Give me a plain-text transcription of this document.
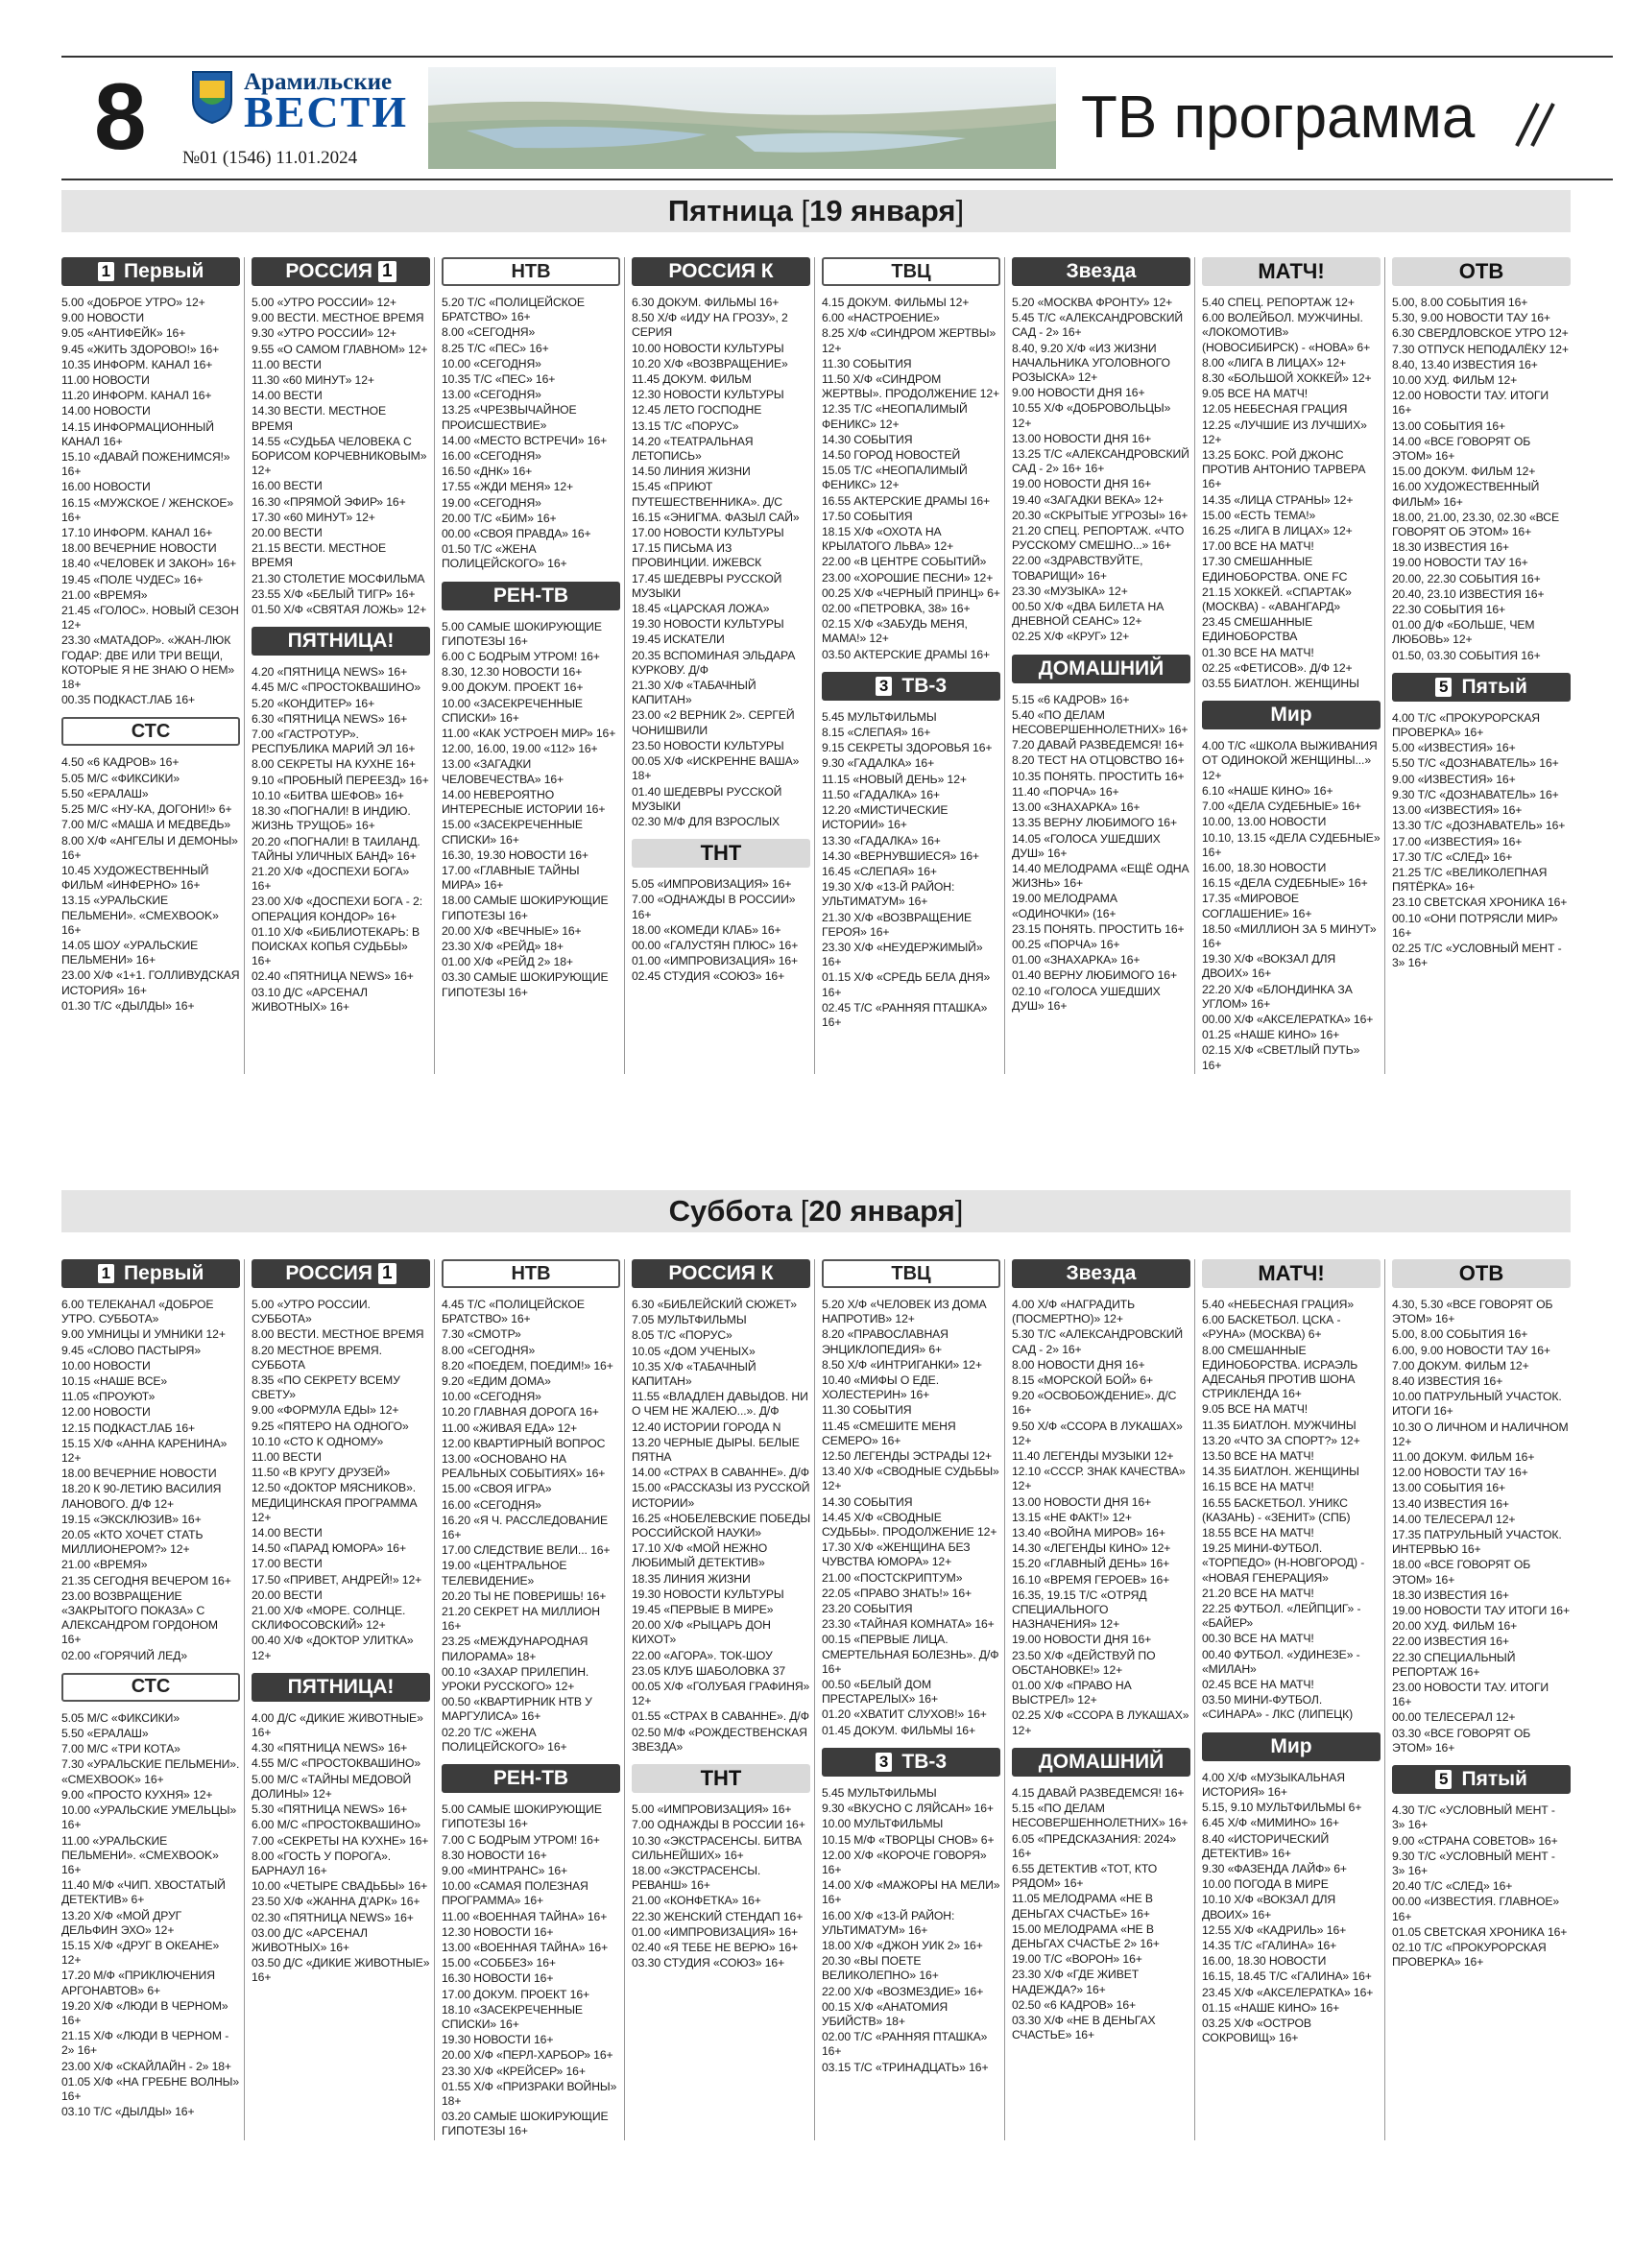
8	Арамильские
ВЕСТИ
№01 (1546) 11.01.2024
ТВ программа
Пятница [19 января]
1 Первый
5.00 «ДОБРОЕ УТРО» 12+
9.00 НОВОСТИ
9.05 «АНТИФЕЙК» 16+
9.45 «ЖИТЬ ЗДОРОВО!» 16+
10.35 ИНФОРМ. КАНАЛ 16+
11.00 НОВОСТИ
11.20 ИНФОРМ. КАНАЛ 16+
14.00 НОВОСТИ
14.15 ИНФОРМАЦИОННЫЙ КАНАЛ 16+
15.10 «ДАВАЙ ПОЖЕНИМСЯ!» 16+
16.00 НОВОСТИ
16.15 «МУЖСКОЕ / ЖЕНСКОЕ» 16+
17.10 ИНФОРМ. КАНАЛ 16+
18.00 ВЕЧЕРНИЕ НОВОСТИ
18.40 «ЧЕЛОВЕК И ЗАКОН» 16+
19.45 «ПОЛЕ ЧУДЕС» 16+
21.00 «ВРЕМЯ»
21.45 «ГОЛОС». НОВЫЙ СЕЗОН 12+
23.30 «МАТАДОР». «ЖАН-ЛЮК ГОДАР: ДВЕ ИЛИ ТРИ ВЕЩИ, КОТОРЫЕ Я НЕ ЗНАЮ О НЕМ» 18+
00.35 ПОДКАСТ.ЛАБ 16+
СТС
4.50 «6 КАДРОВ» 16+
5.05 М/С «ФИКСИКИ»
5.50 «ЕРАЛАШ»
5.25 М/С «НУ-КА, ДОГОНИ!» 6+
7.00 М/С «МАША И МЕДВЕДЬ»
8.00 Х/Ф «АНГЕЛЫ И ДЕМОНЫ» 16+
10.45 ХУДОЖЕСТВЕННЫЙ ФИЛЬМ «ИНФЕРНО» 16+
13.15 «УРАЛЬСКИЕ ПЕЛЬМЕНИ». «СМЕХBOOK» 16+
14.05 ШОУ «УРАЛЬСКИЕ ПЕЛЬМЕНИ» 16+
23.00 Х/Ф «1+1. ГОЛЛИВУДСКАЯ ИСТОРИЯ» 16+
01.30 Т/С «ДЫЛДЫ» 16+
РОССИЯ 1
5.00 «УТРО РОССИИ» 12+
9.00 ВЕСТИ. МЕСТНОЕ ВРЕМЯ
9.30 «УТРО РОССИИ» 12+
9.55 «О САМОМ ГЛАВНОМ» 12+
11.00 ВЕСТИ
11.30 «60 МИНУТ» 12+
14.00 ВЕСТИ
14.30 ВЕСТИ. МЕСТНОЕ ВРЕМЯ
14.55 «СУДЬБА ЧЕЛОВЕКА С БОРИСОМ КОРЧЕВНИКОВЫМ» 12+
16.00 ВЕСТИ
16.30 «ПРЯМОЙ ЭФИР» 16+
17.30 «60 МИНУТ» 12+
20.00 ВЕСТИ
21.15 ВЕСТИ. МЕСТНОЕ ВРЕМЯ
21.30 СТОЛЕТИЕ МОСФИЛЬМА
23.55 Х/Ф «БЕЛЫЙ ТИГР» 16+
01.50 Х/Ф «СВЯТАЯ ЛОЖЬ» 12+
ПЯТНИЦА!
4.20 «ПЯТНИЦА NEWS» 16+
4.45 М/С «ПРОСТОКВАШИНО»
5.20 «КОНДИТЕР» 16+
6.30 «ПЯТНИЦА NEWS» 16+
7.00 «ГАСТРОТУР». РЕСПУБЛИКА МАРИЙ ЭЛ 16+
8.00 СЕКРЕТЫ НА КУХНЕ 16+
9.10 «ПРОБНЫЙ ПЕРЕЕЗД» 16+
10.10 «БИТВА ШЕФОВ» 16+
18.30 «ПОГНАЛИ! В ИНДИЮ. ЖИЗНЬ ТРУЩОБ» 16+
20.20 «ПОГНАЛИ! В ТАИЛАНД. ТАЙНЫ УЛИЧНЫХ БАНД» 16+
21.20 Х/Ф «ДОСПЕХИ БОГА» 16+
23.00 Х/Ф «ДОСПЕХИ БОГА - 2: ОПЕРАЦИЯ КОНДОР» 16+
01.10 Х/Ф «БИБЛИОТЕКАРЬ: В ПОИСКАХ КОПЬЯ СУДЬБЫ» 16+
02.40 «ПЯТНИЦА NEWS» 16+
03.10 Д/С «АРСЕНАЛ ЖИВОТНЫХ» 16+
НТВ
5.20 Т/С «ПОЛИЦЕЙСКОЕ БРАТСТВО» 16+
8.00 «СЕГОДНЯ»
8.25 Т/С «ПЕС» 16+
10.00 «СЕГОДНЯ»
10.35 Т/С «ПЕС» 16+
13.00 «СЕГОДНЯ»
13.25 «ЧРЕЗВЫЧАЙНОЕ ПРОИСШЕСТВИЕ»
14.00 «МЕСТО ВСТРЕЧИ» 16+
16.00 «СЕГОДНЯ»
16.50 «ДНК» 16+
17.55 «ЖДИ МЕНЯ» 12+
19.00 «СЕГОДНЯ»
20.00 Т/С «БИМ» 16+
00.00 «СВОЯ ПРАВДА» 16+
01.50 Т/С «ЖЕНА ПОЛИЦЕЙСКОГО» 16+
РЕН-ТВ
5.00 САМЫЕ ШОКИРУЮЩИЕ ГИПОТЕЗЫ 16+
6.00 С БОДРЫМ УТРОМ! 16+
8.30, 12.30 НОВОСТИ 16+
9.00 ДОКУМ. ПРОЕКТ 16+
10.00 «ЗАСЕКРЕЧЕННЫЕ СПИСКИ» 16+
11.00 «КАК УСТРОЕН МИР» 16+
12.00, 16.00, 19.00 «112» 16+
13.00 «ЗАГАДКИ ЧЕЛОВЕЧЕСТВА» 16+
14.00 НЕВЕРОЯТНО ИНТЕРЕСНЫЕ ИСТОРИИ 16+
15.00 «ЗАСЕКРЕЧЕННЫЕ СПИСКИ» 16+
16.30, 19.30 НОВОСТИ 16+
17.00 «ГЛАВНЫЕ ТАЙНЫ МИРА» 16+
18.00 САМЫЕ ШОКИРУЮЩИЕ ГИПОТЕЗЫ 16+
20.00 Х/Ф «ВЕЧНЫЕ» 16+
23.30 Х/Ф «РЕЙД» 18+
01.00 Х/Ф «РЕЙД 2» 18+
03.30 САМЫЕ ШОКИРУЮЩИЕ ГИПОТЕЗЫ 16+
РОССИЯ К
6.30 ДОКУМ. ФИЛЬМЫ 16+
8.50 Х/Ф «ИДУ НА ГРОЗУ», 2 СЕРИЯ
10.00 НОВОСТИ КУЛЬТУРЫ
10.20 Х/Ф «ВОЗВРАЩЕНИЕ»
11.45 ДОКУМ. ФИЛЬМ
12.30 НОВОСТИ КУЛЬТУРЫ
12.45 ЛЕТО ГОСПОДНЕ
13.15 Т/С «ПОРУС»
14.20 «ТЕАТРАЛЬНАЯ ЛЕТОПИСЬ»
14.50 ЛИНИЯ ЖИЗНИ
15.45 «ПРИЮТ ПУТЕШЕСТВЕННИКА». Д/С
16.15 «ЭНИГМА. ФАЗЫЛ САЙ»
17.00 НОВОСТИ КУЛЬТУРЫ
17.15 ПИСЬМА ИЗ ПРОВИНЦИИ. ИЖЕВСК
17.45 ШЕДЕВРЫ РУССКОЙ МУЗЫКИ
18.45 «ЦАРСКАЯ ЛОЖА»
19.30 НОВОСТИ КУЛЬТУРЫ
19.45 ИСКАТЕЛИ
20.35 ВСПОМИНАЯ ЭЛЬДАРА КУРКОВУ. Д/Ф
21.30 Х/Ф «ТАБАЧНЫЙ КАПИТАН»
23.00 «2 ВЕРНИК 2». СЕРГЕЙ ЧОНИШВИЛИ
23.50 НОВОСТИ КУЛЬТУРЫ
00.05 Х/Ф «ИСКРЕННЕ ВАША» 18+
01.40 ШЕДЕВРЫ РУССКОЙ МУЗЫКИ
02.30 М/Ф ДЛЯ ВЗРОСЛЫХ
ТНТ
5.05 «ИМПРОВИЗАЦИЯ» 16+
7.00 «ОДНАЖДЫ В РОССИИ» 16+
18.00 «КОМЕДИ КЛАБ» 16+
00.00 «ГАЛУСТЯН ПЛЮС» 16+
01.00 «ИМПРОВИЗАЦИЯ» 16+
02.45 СТУДИЯ «СОЮЗ» 16+
ТВЦ
4.15 ДОКУМ. ФИЛЬМЫ 12+
6.00 «НАСТРОЕНИЕ»
8.25 Х/Ф «СИНДРОМ ЖЕРТВЫ» 12+
11.30 СОБЫТИЯ
11.50 Х/Ф «СИНДРОМ ЖЕРТВЫ». ПРОДОЛЖЕНИЕ 12+
12.35 Т/С «НЕОПАЛИМЫЙ ФЕНИКС» 12+
14.30 СОБЫТИЯ
14.50 ГОРОД НОВОСТЕЙ
15.05 Т/С «НЕОПАЛИМЫЙ ФЕНИКС» 12+
16.55 АКТЕРСКИЕ ДРАМЫ 16+
17.50 СОБЫТИЯ
18.15 Х/Ф «ОХОТА НА КРЫЛАТОГО ЛЬВА» 12+
22.00 «В ЦЕНТРЕ СОБЫТИЙ»
23.00 «ХОРОШИЕ ПЕСНИ» 12+
00.25 Х/Ф «ЧЕРНЫЙ ПРИНЦ» 6+
02.00 «ПЕТРОВКА, 38» 16+
02.15 Х/Ф «ЗАБУДЬ МЕНЯ, МАМА!» 12+
03.50 АКТЕРСКИЕ ДРАМЫ 16+
3 ТВ-3
5.45 МУЛЬТФИЛЬМЫ
8.15 «СЛЕПАЯ» 16+
9.15 СЕКРЕТЫ ЗДОРОВЬЯ 16+
9.30 «ГАДАЛКА» 16+
11.15 «НОВЫЙ ДЕНЬ» 12+
11.50 «ГАДАЛКА» 16+
12.20 «МИСТИЧЕСКИЕ ИСТОРИИ» 16+
13.30 «ГАДАЛКА» 16+
14.30 «ВЕРНУВШИЕСЯ» 16+
16.45 «СЛЕПАЯ» 16+
19.30 Х/Ф «13-Й РАЙОН: УЛЬТИМАТУМ» 16+
21.30 Х/Ф «ВОЗВРАЩЕНИЕ ГЕРОЯ» 16+
23.30 Х/Ф «НЕУДЕРЖИМЫЙ» 16+
01.15 Х/Ф «СРЕДЬ БЕЛА ДНЯ» 16+
02.45 Т/С «РАННЯЯ ПТАШКА» 16+
Звезда
5.20 «МОСКВА ФРОНТУ» 12+
5.45 Т/С «АЛЕКСАНДРОВСКИЙ САД - 2» 16+
8.40, 9.20 Х/Ф «ИЗ ЖИЗНИ НАЧАЛЬНИКА УГОЛОВНОГО РОЗЫСКА» 12+
9.00 НОВОСТИ ДНЯ 16+
10.55 Х/Ф «ДОБРОВОЛЬЦЫ» 12+
13.00 НОВОСТИ ДНЯ 16+
13.25 Т/С «АЛЕКСАНДРОВСКИЙ САД - 2» 16+ 16+
19.00 НОВОСТИ ДНЯ 16+
19.40 «ЗАГАДКИ ВЕКА» 12+
20.30 «СКРЫТЫЕ УГРОЗЫ» 16+
21.20 СПЕЦ. РЕПОРТАЖ. «ЧТО РУССКОМУ СМЕШНО...» 16+
22.00 «ЗДРАВСТВУЙТЕ, ТОВАРИЩИ» 16+
23.30 «МУЗЫКА» 12+
00.50 Х/Ф «ДВА БИЛЕТА НА ДНЕВНОЙ СЕАНС» 12+
02.25 Х/Ф «КРУГ» 12+
ДОМАШНИЙ
5.15 «6 КАДРОВ» 16+
5.40 «ПО ДЕЛАМ НЕСОВЕРШЕННОЛЕТНИХ» 16+
7.20 ДАВАЙ РАЗВЕДЕМСЯ! 16+
8.20 ТЕСТ НА ОТЦОВСТВО 16+
10.35 ПОНЯТЬ. ПРОСТИТЬ 16+
11.40 «ПОРЧА» 16+
13.00 «ЗНАХАРКА» 16+
13.35 ВЕРНУ ЛЮБИМОГО 16+
14.05 «ГОЛОСА УШЕДШИХ ДУШ» 16+
14.40 МЕЛОДРАМА «ЕЩЁ ОДНА ЖИЗНЬ» 16+
19.00 МЕЛОДРАМА «ОДИНОЧКИ» (16+
23.15 ПОНЯТЬ. ПРОСТИТЬ 16+
00.25 «ПОРЧА» 16+
01.00 «ЗНАХАРКА» 16+
01.40 ВЕРНУ ЛЮБИМОГО 16+
02.10 «ГОЛОСА УШЕДШИХ ДУШ» 16+
МАТЧ!
5.40 СПЕЦ. РЕПОРТАЖ 12+
6.00 ВОЛЕЙБОЛ. МУЖЧИНЫ. «ЛОКОМОТИВ» (НОВОСИБИРСК) - «НОВА» 6+
8.00 «ЛИГА В ЛИЦАХ» 12+
8.30 «БОЛЬШОЙ ХОККЕЙ» 12+
9.05 ВСЕ НА МАТЧ!
12.05 НЕБЕСНАЯ ГРАЦИЯ
12.25 «ЛУЧШИЕ ИЗ ЛУЧШИХ» 12+
13.25 БОКС. РОЙ ДЖОНС ПРОТИВ АНТОНИО ТАРВЕРА 16+
14.35 «ЛИЦА СТРАНЫ» 12+
15.00 «ЕСТЬ ТЕМА!»
16.25 «ЛИГА В ЛИЦАХ» 12+
17.00 ВСЕ НА МАТЧ!
17.30 СМЕШАННЫЕ ЕДИНОБОРСТВА. ONE FC
21.15 ХОККЕЙ. «СПАРТАК» (МОСКВА) - «АВАНГАРД»
23.45 СМЕШАННЫЕ ЕДИНОБОРСТВА
01.30 ВСЕ НА МАТЧ!
02.25 «ФЕТИСОВ». Д/Ф 12+
03.55 БИАТЛОН. ЖЕНЩИНЫ
Мир
4.00 Т/С «ШКОЛА ВЫЖИВАНИЯ ОТ ОДИНОКОЙ ЖЕНЩИНЫ...» 12+
6.10 «НАШЕ КИНО» 16+
7.00 «ДЕЛА СУДЕБНЫЕ» 16+
10.00, 13.00 НОВОСТИ
10.10, 13.15 «ДЕЛА СУДЕБНЫЕ» 16+
16.00, 18.30 НОВОСТИ
16.15 «ДЕЛА СУДЕБНЫЕ» 16+
17.35 «МИРОВОЕ СОГЛАШЕНИЕ» 16+
18.50 «МИЛЛИОН ЗА 5 МИНУТ» 16+
19.30 Х/Ф «ВОКЗАЛ ДЛЯ ДВОИХ» 16+
22.20 Х/Ф «БЛОНДИНКА ЗА УГЛОМ» 16+
00.00 Х/Ф «АКСЕЛЕРАТКА» 16+
01.25 «НАШЕ КИНО» 16+
02.15 Х/Ф «СВЕТЛЫЙ ПУТЬ» 16+
ОТВ
5.00, 8.00 СОБЫТИЯ 16+
5.30, 9.00 НОВОСТИ ТАУ 16+
6.30 СВЕРДЛОВСКОЕ УТРО 12+
7.30 ОТПУСК НЕПОДАЛЁКУ 12+
8.40, 13.40 ИЗВЕСТИЯ 16+
10.00 ХУД. ФИЛЬМ 12+
12.00 НОВОСТИ ТАУ. ИТОГИ 16+
13.00 СОБЫТИЯ 16+
14.00 «ВСЕ ГОВОРЯТ ОБ ЭТОМ» 16+
15.00 ДОКУМ. ФИЛЬМ 12+
16.00 ХУДОЖЕСТВЕННЫЙ ФИЛЬМ» 16+
18.00, 21.00, 23.30, 02.30 «ВСЕ ГОВОРЯТ ОБ ЭТОМ» 16+
18.30 ИЗВЕСТИЯ 16+
19.00 НОВОСТИ ТАУ 16+
20.00, 22.30 СОБЫТИЯ 16+
20.40, 23.10 ИЗВЕСТИЯ 16+
22.30 СОБЫТИЯ 16+
01.00 Д/Ф «БОЛЬШЕ, ЧЕМ ЛЮБОВЬ» 12+
01.50, 03.30 СОБЫТИЯ 16+
5 Пятый
4.00 Т/С «ПРОКУРОРСКАЯ ПРОВЕРКА» 16+
5.00 «ИЗВЕСТИЯ» 16+
5.50 Т/С «ДОЗНАВАТЕЛЬ» 16+
9.00 «ИЗВЕСТИЯ» 16+
9.30 Т/С «ДОЗНАВАТЕЛЬ» 16+
13.00 «ИЗВЕСТИЯ» 16+
13.30 Т/С «ДОЗНАВАТЕЛЬ» 16+
17.00 «ИЗВЕСТИЯ» 16+
17.30 Т/С «СЛЕД» 16+
21.25 Т/С «ВЕЛИКОЛЕПНАЯ ПЯТЁРКА» 16+
23.10 СВЕТСКАЯ ХРОНИКА 16+
00.10 «ОНИ ПОТРЯСЛИ МИР» 16+
02.25 Т/С «УСЛОВНЫЙ МЕНТ - 3» 16+
Суббота [20 января]
1 Первый
6.00 ТЕЛЕКАНАЛ «ДОБРОЕ УТРО. СУББОТА»
9.00 УМНИЦЫ И УМНИКИ 12+
9.45 «СЛОВО ПАСТЫРЯ»
10.00 НОВОСТИ
10.15 «НАШЕ ВСЕ»
11.05 «ПРОУЮТ»
12.00 НОВОСТИ
12.15 ПОДКАСТ.ЛАБ 16+
15.15 Х/Ф «АННА КАРЕНИНА» 12+
18.00 ВЕЧЕРНИЕ НОВОСТИ
18.20 К 90-ЛЕТИЮ ВАСИЛИЯ ЛАНОВОГО. Д/Ф 12+
19.15 «ЭКСКЛЮЗИВ» 16+
20.05 «КТО ХОЧЕТ СТАТЬ МИЛЛИОНЕРОМ?» 12+
21.00 «ВРЕМЯ»
21.35 СЕГОДНЯ ВЕЧЕРОМ 16+
23.00 ВОЗВРАЩЕНИЕ «ЗАКРЫТОГО ПОКАЗА» С АЛЕКСАНДРОМ ГОРДОНОМ 16+
02.00 «ГОРЯЧИЙ ЛЕД»
СТС
5.05 М/С «ФИКСИКИ»
5.50 «ЕРАЛАШ»
7.00 М/С «ТРИ КОТА»
7.30 «УРАЛЬСКИЕ ПЕЛЬМЕНИ». «СМЕХBOOK» 16+
9.00 «ПРОСТО КУХНЯ» 12+
10.00 «УРАЛЬСКИЕ УМЕЛЬЦЫ» 16+
11.00 «УРАЛЬСКИЕ ПЕЛЬМЕНИ». «СМЕХBOOK» 16+
11.40 М/Ф «ЧИП. ХВОСТАТЫЙ ДЕТЕКТИВ» 6+
13.20 Х/Ф «МОЙ ДРУГ ДЕЛЬФИН ЭХО» 12+
15.15 Х/Ф «ДРУГ В ОКЕАНЕ» 12+
17.20 М/Ф «ПРИКЛЮЧЕНИЯ АРГОНАВТОВ» 6+
19.20 Х/Ф «ЛЮДИ В ЧЕРНОМ» 16+
21.15 Х/Ф «ЛЮДИ В ЧЕРНОМ - 2» 16+
23.00 Х/Ф «СКАЙЛАЙН - 2» 18+
01.05 Х/Ф «НА ГРЕБНЕ ВОЛНЫ» 16+
03.10 Т/С «ДЫЛДЫ» 16+
РОССИЯ 1
5.00 «УТРО РОССИИ. СУББОТА»
8.00 ВЕСТИ. МЕСТНОЕ ВРЕМЯ
8.20 МЕСТНОЕ ВРЕМЯ. СУББОТА
8.35 «ПО СЕКРЕТУ ВСЕМУ СВЕТУ»
9.00 «ФОРМУЛА ЕДЫ» 12+
9.25 «ПЯТЕРО НА ОДНОГО»
10.10 «СТО К ОДНОМУ»
11.00 ВЕСТИ
11.50 «В КРУГУ ДРУЗЕЙ»
12.50 «ДОКТОР МЯСНИКОВ». МЕДИЦИНСКАЯ ПРОГРАММА 12+
14.00 ВЕСТИ
14.50 «ПАРАД ЮМОРА» 16+
17.00 ВЕСТИ
17.50 «ПРИВЕТ, АНДРЕЙ!» 12+
20.00 ВЕСТИ
21.00 Х/Ф «МОРЕ. СОЛНЦЕ. СКЛИФОСОВСКИЙ» 12+
00.40 Х/Ф «ДОКТОР УЛИТКА» 12+
ПЯТНИЦА!
4.00 Д/С «ДИКИЕ ЖИВОТНЫЕ» 16+
4.30 «ПЯТНИЦА NEWS» 16+
4.55 М/С «ПРОСТОКВАШИНО»
5.00 М/С «ТАЙНЫ МЕДОВОЙ ДОЛИНЫ» 12+
5.30 «ПЯТНИЦА NEWS» 16+
6.00 М/С «ПРОСТОКВАШИНО»
7.00 «СЕКРЕТЫ НА КУХНЕ» 16+
8.00 «ГОСТЬ У ПОРОГА». БАРНАУЛ 16+
10.00 «ЧЕТЫРЕ СВАДЬБЫ» 16+
23.50 Х/Ф «ЖАННА Д'АРК» 16+
02.30 «ПЯТНИЦА NEWS» 16+
03.00 Д/С «АРСЕНАЛ ЖИВОТНЫХ» 16+
03.50 Д/С «ДИКИЕ ЖИВОТНЫЕ» 16+
НТВ
4.45 Т/С «ПОЛИЦЕЙСКОЕ БРАТСТВО» 16+
7.30 «СМОТР»
8.00 «СЕГОДНЯ»
8.20 «ПОЕДЕМ, ПОЕДИМ!» 16+
9.20 «ЕДИМ ДОМА»
10.00 «СЕГОДНЯ»
10.20 ГЛАВНАЯ ДОРОГА 16+
11.00 «ЖИВАЯ ЕДА» 12+
12.00 КВАРТИРНЫЙ ВОПРОС
13.00 «ОСНОВАНО НА РЕАЛЬНЫХ СОБЫТИЯХ» 16+
15.00 «СВОЯ ИГРА»
16.00 «СЕГОДНЯ»
16.20 «Я Ч. РАССЛЕДОВАНИЕ 16+
17.00 СЛЕДСТВИЕ ВЕЛИ... 16+
19.00 «ЦЕНТРАЛЬНОЕ ТЕЛЕВИДЕНИЕ»
20.20 ТЫ НЕ ПОВЕРИШЬ! 16+
21.20 СЕКРЕТ НА МИЛЛИОН 16+
23.25 «МЕЖДУНАРОДНАЯ ПИЛОРАМА» 18+
00.10 «ЗАХАР ПРИЛЕПИН. УРОКИ РУССКОГО» 12+
00.50 «КВАРТИРНИК НТВ У МАРГУЛИСА» 16+
02.20 Т/С «ЖЕНА ПОЛИЦЕЙСКОГО» 16+
РЕН-ТВ
5.00 САМЫЕ ШОКИРУЮЩИЕ ГИПОТЕЗЫ 16+
7.00 С БОДРЫМ УТРОМ! 16+
8.30 НОВОСТИ 16+
9.00 «МИНТРАНС» 16+
10.00 «САМАЯ ПОЛЕЗНАЯ ПРОГРАММА» 16+
11.00 «ВОЕННАЯ ТАЙНА» 16+
12.30 НОВОСТИ 16+
13.00 «ВОЕННАЯ ТАЙНА» 16+
15.00 «СОББЕЗ» 16+
16.30 НОВОСТИ 16+
17.00 ДОКУМ. ПРОЕКТ 16+
18.10 «ЗАСЕКРЕЧЕННЫЕ СПИСКИ» 16+
19.30 НОВОСТИ 16+
20.00 Х/Ф «ПЕРЛ-ХАРБОР» 16+
23.30 Х/Ф «КРЕЙСЕР» 16+
01.55 Х/Ф «ПРИЗРАКИ ВОЙНЫ» 18+
03.20 САМЫЕ ШОКИРУЮЩИЕ ГИПОТЕЗЫ 16+
РОССИЯ К
6.30 «БИБЛЕЙСКИЙ СЮЖЕТ»
7.05 МУЛЬТФИЛЬМЫ
8.05 Т/С «ПОРУС»
10.05 «ДОМ УЧЕНЫХ»
10.35 Х/Ф «ТАБАЧНЫЙ КАПИТАН»
11.55 «ВЛАДЛЕН ДАВЫДОВ. НИ О ЧЕМ НЕ ЖАЛЕЮ...». Д/Ф
12.40 ИСТОРИИ ГОРОДА N
13.20 ЧЕРНЫЕ ДЫРЫ. БЕЛЫЕ ПЯТНА
14.00 «СТРАХ В САВАННЕ». Д/Ф
15.00 «РАССКАЗЫ ИЗ РУССКОЙ ИСТОРИИ»
16.25 «НОБЕЛЕВСКИЕ ПОБЕДЫ РОССИЙСКОЙ НАУКИ»
17.10 Х/Ф «МОЙ НЕЖНО ЛЮБИМЫЙ ДЕТЕКТИВ»
18.35 ЛИНИЯ ЖИЗНИ
19.30 НОВОСТИ КУЛЬТУРЫ
19.45 «ПЕРВЫЕ В МИРЕ»
20.00 Х/Ф «РЫЦАРЬ ДОН КИХОТ»
22.00 «АГОРА». ТОК-ШОУ
23.05 КЛУБ ШАБОЛОВКА 37
00.05 Х/Ф «ГОЛУБАЯ ГРАФИНЯ» 12+
01.55 «СТРАХ В САВАННЕ». Д/Ф
02.50 М/Ф «РОЖДЕСТВЕНСКАЯ ЗВЕЗДА»
ТНТ
5.00 «ИМПРОВИЗАЦИЯ» 16+
7.00 ОДНАЖДЫ В РОССИИ 16+
10.30 «ЭКСТРАСЕНСЫ. БИТВА СИЛЬНЕЙШИХ» 16+
18.00 «ЭКСТРАСЕНСЫ. РЕВАНШ» 16+
21.00 «КОНФЕТКА» 16+
22.30 ЖЕНСКИЙ СТЕНДАП 16+
01.00 «ИМПРОВИЗАЦИЯ» 16+
02.40 «Я ТЕБЕ НЕ ВЕРЮ» 16+
03.30 СТУДИЯ «СОЮЗ» 16+
ТВЦ
5.20 Х/Ф «ЧЕЛОВЕК ИЗ ДОМА НАПРОТИВ» 12+
8.20 «ПРАВОСЛАВНАЯ ЭНЦИКЛОПЕДИЯ» 6+
8.50 Х/Ф «ИНТРИГАНКИ» 12+
10.40 «МИФЫ О ЕДЕ. ХОЛЕСТЕРИН» 16+
11.30 СОБЫТИЯ
11.45 «СМЕШИТЕ МЕНЯ СЕМЕРО» 16+
12.50 ЛЕГЕНДЫ ЭСТРАДЫ 12+
13.40 Х/Ф «СВОДНЫЕ СУДЬБЫ» 12+
14.30 СОБЫТИЯ
14.45 Х/Ф «СВОДНЫЕ СУДЬБЫ». ПРОДОЛЖЕНИЕ 12+
17.30 Х/Ф «ЖЕНЩИНА БЕЗ ЧУВСТВА ЮМОРА» 12+
21.00 «ПОСТСКРИПТУМ»
22.05 «ПРАВО ЗНАТЬ!» 16+
23.20 СОБЫТИЯ
23.30 «ТАЙНАЯ КОМНАТА» 16+
00.15 «ПЕРВЫЕ ЛИЦА. СМЕРТЕЛЬНАЯ БОЛЕЗНЬ». Д/Ф 16+
00.50 «БЕЛЫЙ ДОМ ПРЕСТАРЕЛЫХ» 16+
01.20 «ХВАТИТ СЛУХОВ!» 16+
01.45 ДОКУМ. ФИЛЬМЫ 16+
3 ТВ-3
5.45 МУЛЬТФИЛЬМЫ
9.30 «ВКУСНО С ЛЯЙСАН» 16+
10.00 МУЛЬТФИЛЬМЫ
10.15 М/Ф «ТВОРЦЫ СНОВ» 6+
12.00 Х/Ф «КОРОЧЕ ГОВОРЯ» 16+
14.00 Х/Ф «МАЖОРЫ НА МЕЛИ» 16+
16.00 Х/Ф «13-Й РАЙОН: УЛЬТИМАТУМ» 16+
18.00 Х/Ф «ДЖОН УИК 2» 16+
20.30 «ВЫ ПОЕТЕ ВЕЛИКОЛЕПНО» 16+
22.00 Х/Ф «ВОЗМЕЗДИЕ» 16+
00.15 Х/Ф «АНАТОМИЯ УБИЙСТВ» 18+
02.00 Т/С «РАННЯЯ ПТАШКА» 16+
03.15 Т/С «ТРИНАДЦАТЬ» 16+
Звезда
4.00 Х/Ф «НАГРАДИТЬ (ПОСМЕРТНО)» 12+
5.30 Т/С «АЛЕКСАНДРОВСКИЙ САД - 2» 16+
8.00 НОВОСТИ ДНЯ 16+
8.15 «МОРСКОЙ БОЙ» 6+
9.20 «ОСВОБОЖДЕНИЕ». Д/С 16+
9.50 Х/Ф «ССОРА В ЛУКАШАХ» 12+
11.40 ЛЕГЕНДЫ МУЗЫКИ 12+
12.10 «СССР. ЗНАК КАЧЕСТВА» 12+
13.00 НОВОСТИ ДНЯ 16+
13.15 «НЕ ФАКТ!» 12+
13.40 «ВОЙНА МИРОВ» 16+
14.30 «ЛЕГЕНДЫ КИНО» 12+
15.20 «ГЛАВНЫЙ ДЕНЬ» 16+
16.10 «ВРЕМЯ ГЕРОЕВ» 16+
16.35, 19.15 Т/С «ОТРЯД СПЕЦИАЛЬНОГО НАЗНАЧЕНИЯ» 12+
19.00 НОВОСТИ ДНЯ 16+
23.50 Х/Ф «ДЕЙСТВУЙ ПО ОБСТАНОВКЕ!» 12+
01.00 Х/Ф «ПРАВО НА ВЫСТРЕЛ» 12+
02.25 Х/Ф «ССОРА В ЛУКАШАХ» 12+
ДОМАШНИЙ
4.15 ДАВАЙ РАЗВЕДЕМСЯ! 16+
5.15 «ПО ДЕЛАМ НЕСОВЕРШЕННОЛЕТНИХ» 16+
6.05 «ПРЕДСКАЗАНИЯ: 2024» 16+
6.55 ДЕТЕКТИВ «ТОТ, КТО РЯДОМ» 16+
11.05 МЕЛОДРАМА «НЕ В ДЕНЬГАХ СЧАСТЬЕ» 16+
15.00 МЕЛОДРАМА «НЕ В ДЕНЬГАХ СЧАСТЬЕ 2» 16+
19.00 Т/С «ВОРОН» 16+
23.30 Х/Ф «ГДЕ ЖИВЕТ НАДЕЖДА?» 16+
02.50 «6 КАДРОВ» 16+
03.30 Х/Ф «НЕ В ДЕНЬГАХ СЧАСТЬЕ» 16+
МАТЧ!
5.40 «НЕБЕСНАЯ ГРАЦИЯ»
6.00 БАСКЕТБОЛ. ЦСКА - «РУНА» (МОСКВА) 6+
8.00 СМЕШАННЫЕ ЕДИНОБОРСТВА. ИСРАЭЛЬ АДЕСАНЬЯ ПРОТИВ ШОНА СТРИКЛЕНДА 16+
9.05 ВСЕ НА МАТЧ!
11.35 БИАТЛОН. МУЖЧИНЫ
13.20 «ЧТО ЗА СПОРТ?» 12+
13.50 ВСЕ НА МАТЧ!
14.35 БИАТЛОН. ЖЕНЩИНЫ
16.15 ВСЕ НА МАТЧ!
16.55 БАСКЕТБОЛ. УНИКС (КАЗАНЬ) - «ЗЕНИТ» (СПБ)
18.55 ВСЕ НА МАТЧ!
19.25 МИНИ-ФУТБОЛ. «ТОРПЕДО» (Н-НОВГОРОД) - «НОВАЯ ГЕНЕРАЦИЯ»
21.20 ВСЕ НА МАТЧ!
22.25 ФУТБОЛ. «ЛЕЙПЦИГ» - «БАЙЕР»
00.30 ВСЕ НА МАТЧ!
00.40 ФУТБОЛ. «УДИНЕЗЕ» - «МИЛАН»
02.45 ВСЕ НА МАТЧ!
03.50 МИНИ-ФУТБОЛ. «СИНАРА» - ЛКС (ЛИПЕЦК)
Мир
4.00 Х/Ф «МУЗЫКАЛЬНАЯ ИСТОРИЯ» 16+
5.15, 9.10 МУЛЬТФИЛЬМЫ 6+
6.45 Х/Ф «МИМИНО» 16+
8.40 «ИСТОРИЧЕСКИЙ ДЕТЕКТИВ» 16+
9.30 «ФАЗЕНДА ЛАЙФ» 6+
10.00 ПОГОДА В МИРЕ
10.10 Х/Ф «ВОКЗАЛ ДЛЯ ДВОИХ» 16+
12.55 Х/Ф «КАДРИЛЬ» 16+
14.35 Т/С «ГАЛИНА» 16+
16.00, 18.30 НОВОСТИ
16.15, 18.45 Т/С «ГАЛИНА» 16+
23.45 Х/Ф «АКСЕЛЕРАТКА» 16+
01.15 «НАШЕ КИНО» 16+
03.25 Х/Ф «ОСТРОВ СОКРОВИЩ» 16+
ОТВ
4.30, 5.30 «ВСЕ ГОВОРЯТ ОБ ЭТОМ» 16+
5.00, 8.00 СОБЫТИЯ 16+
6.00, 9.00 НОВОСТИ ТАУ 16+
7.00 ДОКУМ. ФИЛЬМ 12+
8.40 ИЗВЕСТИЯ 16+
10.00 ПАТРУЛЬНЫЙ УЧАСТОК. ИТОГИ 16+
10.30 О ЛИЧНОМ И НАЛИЧНОМ 12+
11.00 ДОКУМ. ФИЛЬМ 16+
12.00 НОВОСТИ ТАУ 16+
13.00 СОБЫТИЯ 16+
13.40 ИЗВЕСТИЯ 16+
14.00 ТЕЛЕСЕРАЛ 12+
17.35 ПАТРУЛЬНЫЙ УЧАСТОК. ИНТЕРВЬЮ 16+
18.00 «ВСЕ ГОВОРЯТ ОБ ЭТОМ» 16+
18.30 ИЗВЕСТИЯ 16+
19.00 НОВОСТИ ТАУ ИТОГИ 16+
20.00 ХУД. ФИЛЬМ 16+
22.00 ИЗВЕСТИЯ 16+
22.30 СПЕЦИАЛЬНЫЙ РЕПОРТАЖ 16+
23.00 НОВОСТИ ТАУ. ИТОГИ 16+
00.00 ТЕЛЕСЕРАЛ 12+
03.30 «ВСЕ ГОВОРЯТ ОБ ЭТОМ» 16+
5 Пятый
4.30 Т/С «УСЛОВНЫЙ МЕНТ - 3» 16+
9.00 «СТРАНА СОВЕТОВ» 16+
9.30 Т/С «УСЛОВНЫЙ МЕНТ - 3» 16+
20.40 Т/С «СЛЕД» 16+
00.00 «ИЗВЕСТИЯ. ГЛАВНОЕ» 16+
01.05 СВЕТСКАЯ ХРОНИКА 16+
02.10 Т/С «ПРОКУРОРСКАЯ ПРОВЕРКА» 16+
